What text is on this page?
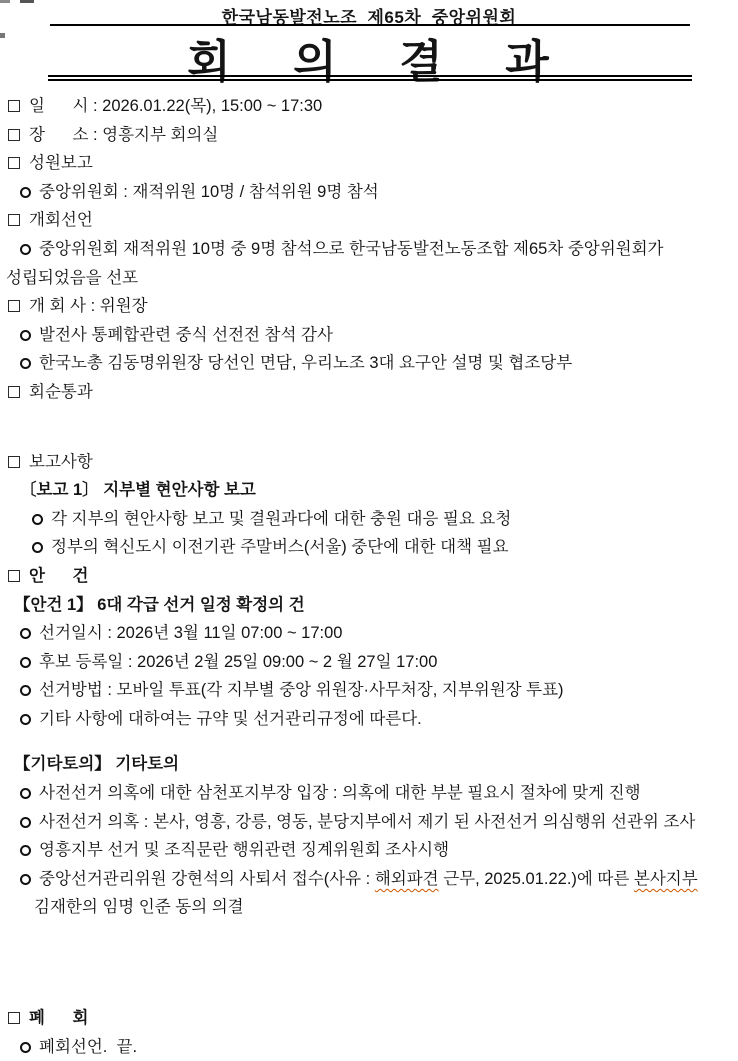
한국남동발전노조  제65차  중앙위원회
회 의 결 과
일      시 : 2026.01.22(목), 15:00 ~ 17:30
장      소 : 영흥지부 회의실
성원보고
중앙위원회 : 재적위원 10명 / 참석위원 9명 참석
개회선언
중앙위원회 재적위원 10명 중 9명 참석으로 한국남동발전노동조합 제65차 중앙위원회가
성립되었음을 선포
개 회 사 : 위원장
발전사 통폐합관련 중식 선전전 참석 감사
한국노총 김동명위원장 당선인 면담, 우리노조 3대 요구안 설명 및 협조당부
회순통과
보고사항
〔보고 1〕 지부별 현안사항 보고
각 지부의 현안사항 보고 및 결원과다에 대한 충원 대응 필요 요청
정부의 혁신도시 이전기관 주말버스(서울) 중단에 대한 대책 필요
안      건
【안건 1】 6대 각급 선거 일정 확정의 건
선거일시 : 2026년 3월 11일 07:00 ~ 17:00
후보 등록일 : 2026년 2월 25일 09:00 ~ 2 월 27일 17:00
선거방법 : 모바일 투표(각 지부별 중앙 위원장·사무처장, 지부위원장 투표)
기타 사항에 대하여는 규약 및 선거관리규정에 따른다.
【기타토의】 기타토의
사전선거 의혹에 대한 삼천포지부장 입장 : 의혹에 대한 부분 필요시 절차에 맞게 진행
사전선거 의혹 : 본사, 영흥, 강릉, 영동, 분당지부에서 제기 된 사전선거 의심행위 선관위 조사
영흥지부 선거 및 조직문란 행위관련 징계위원회 조사시행
중앙선거관리위원 강현석의 사퇴서 접수(사유 : 해외파견 근무, 2025.01.22.)에 따른 본사지부
김재한의 임명 인준 동의 의결
폐      회
폐회선언.  끝.
